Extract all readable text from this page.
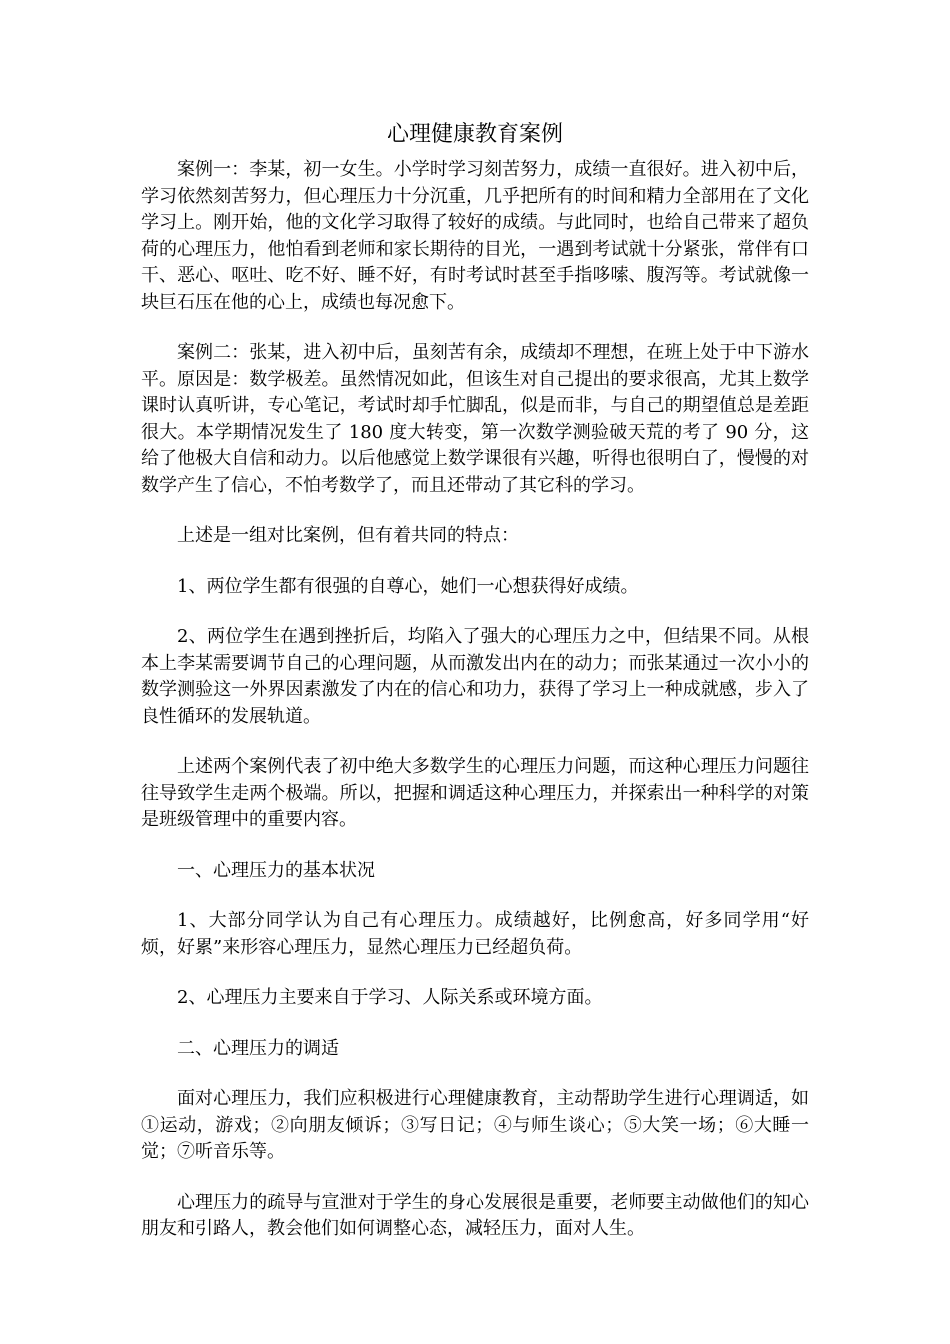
心理健康教育案例

案例一：李某，初一女生。小学时学习刻苦努力，成绩一直很好。进入初中后，学习依然刻苦努力，但心理压力十分沉重，几乎把所有的时间和精力全部用在了文化学习上。刚开始，他的文化学习取得了较好的成绩。与此同时，也给自己带来了超负荷的心理压力，他怕看到老师和家长期待的目光，一遇到考试就十分紧张，常伴有口干、恶心、呕吐、吃不好、睡不好，有时考试时甚至手指哆嗦、腹泻等。考试就像一块巨石压在他的心上，成绩也每况愈下。

案例二：张某，进入初中后，虽刻苦有余，成绩却不理想，在班上处于中下游水平。原因是：数学极差。虽然情况如此，但该生对自己提出的要求很高，尤其上数学课时认真听讲，专心笔记，考试时却手忙脚乱，似是而非，与自己的期望值总是差距很大。本学期情况发生了 180 度大转变，第一次数学测验破天荒的考了 90 分，这给了他极大自信和动力。以后他感觉上数学课很有兴趣，听得也很明白了，慢慢的对数学产生了信心，不怕考数学了，而且还带动了其它科的学习。

上述是一组对比案例，但有着共同的特点：

1、两位学生都有很强的自尊心，她们一心想获得好成绩。

2、两位学生在遇到挫折后，均陷入了强大的心理压力之中，但结果不同。从根本上李某需要调节自己的心理问题，从而激发出内在的动力；而张某通过一次小小的数学测验这一外界因素激发了内在的信心和功力，获得了学习上一种成就感，步入了良性循环的发展轨道。

上述两个案例代表了初中绝大多数学生的心理压力问题，而这种心理压力问题往往导致学生走两个极端。所以，把握和调适这种心理压力，并探索出一种科学的对策是班级管理中的重要内容。

一、心理压力的基本状况

1、大部分同学认为自己有心理压力。成绩越好，比例愈高，好多同学用“好烦，好累”来形容心理压力，显然心理压力已经超负荷。

2、心理压力主要来自于学习、人际关系或环境方面。

二、心理压力的调适

面对心理压力，我们应积极进行心理健康教育，主动帮助学生进行心理调适，如①运动，游戏；②向朋友倾诉；③写日记；④与师生谈心；⑤大笑一场；⑥大睡一觉；⑦听音乐等。

心理压力的疏导与宣泄对于学生的身心发展很是重要，老师要主动做他们的知心朋友和引路人，教会他们如何调整心态，减轻压力，面对人生。
